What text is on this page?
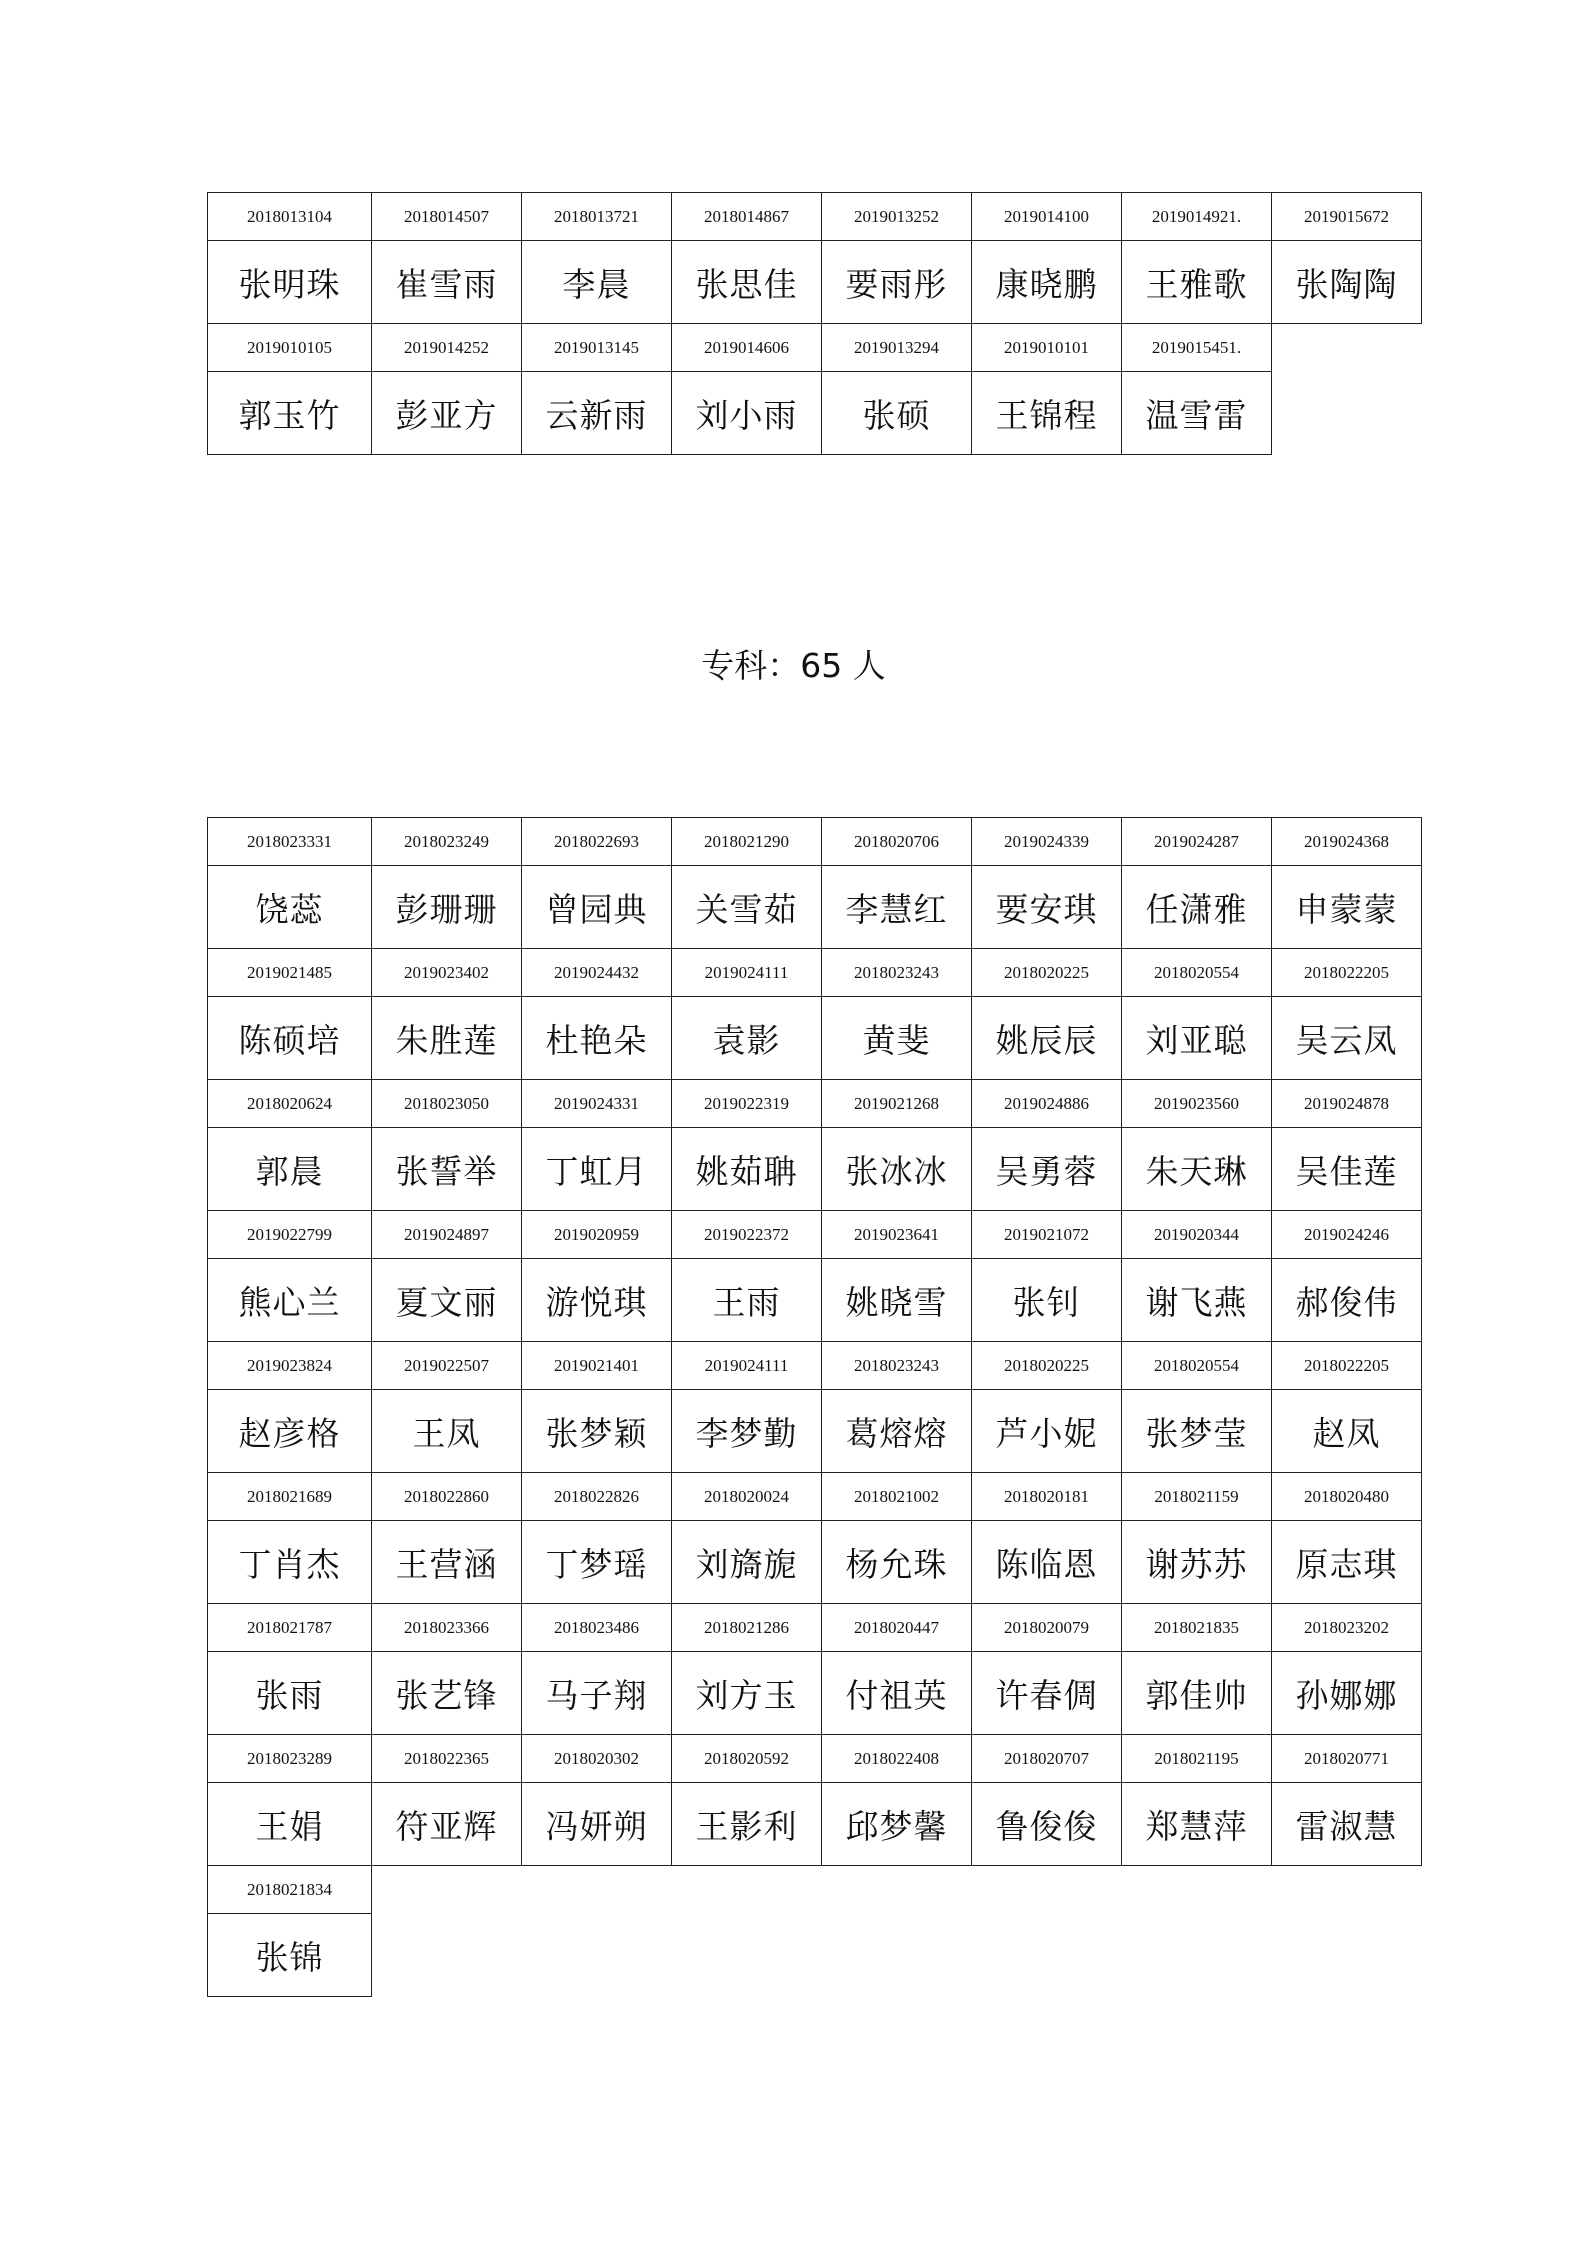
2018013104	2018014507	2018013721	2018014867	2019013252	2019014100	2019014921.	2019015672
张明珠	崔雪雨	李晨	张思佳	要雨彤	康晓鹏	王雅歌	张陶陶
2019010105	2019014252	2019013145	2019014606	2019013294	2019010101	2019015451.	
郭玉竹	彭亚方	云新雨	刘小雨	张硕	王锦程	温雪雷	
专科：65 人
2018023331	2018023249	2018022693	2018021290	2018020706	2019024339	2019024287	2019024368
饶蕊	彭珊珊	曾园典	关雪茹	李慧红	要安琪	任潇雅	申蒙蒙
2019021485	2019023402	2019024432	2019024111	2018023243	2018020225	2018020554	2018022205
陈硕培	朱胜莲	杜艳朵	袁影	黄斐	姚辰辰	刘亚聪	吴云凤
2018020624	2018023050	2019024331	2019022319	2019021268	2019024886	2019023560	2019024878
郭晨	张誓举	丁虹月	姚茹聃	张冰冰	吴勇蓉	朱天琳	吴佳莲
2019022799	2019024897	2019020959	2019022372	2019023641	2019021072	2019020344	2019024246
熊心兰	夏文丽	游悦琪	王雨	姚晓雪	张钊	谢飞燕	郝俊伟
2019023824	2019022507	2019021401	2019024111	2018023243	2018020225	2018020554	2018022205
赵彦格	王凤	张梦颖	李梦勤	葛熔熔	芦小妮	张梦莹	赵凤
2018021689	2018022860	2018022826	2018020024	2018021002	2018020181	2018021159	2018020480
丁肖杰	王营涵	丁梦瑶	刘旖旎	杨允珠	陈临恩	谢苏苏	原志琪
2018021787	2018023366	2018023486	2018021286	2018020447	2018020079	2018021835	2018023202
张雨	张艺锋	马子翔	刘方玉	付祖英	许春倜	郭佳帅	孙娜娜
2018023289	2018022365	2018020302	2018020592	2018022408	2018020707	2018021195	2018020771
王娟	符亚辉	冯妍朔	王影利	邱梦馨	鲁俊俊	郑慧萍	雷淑慧
2018021834							
张锦							
